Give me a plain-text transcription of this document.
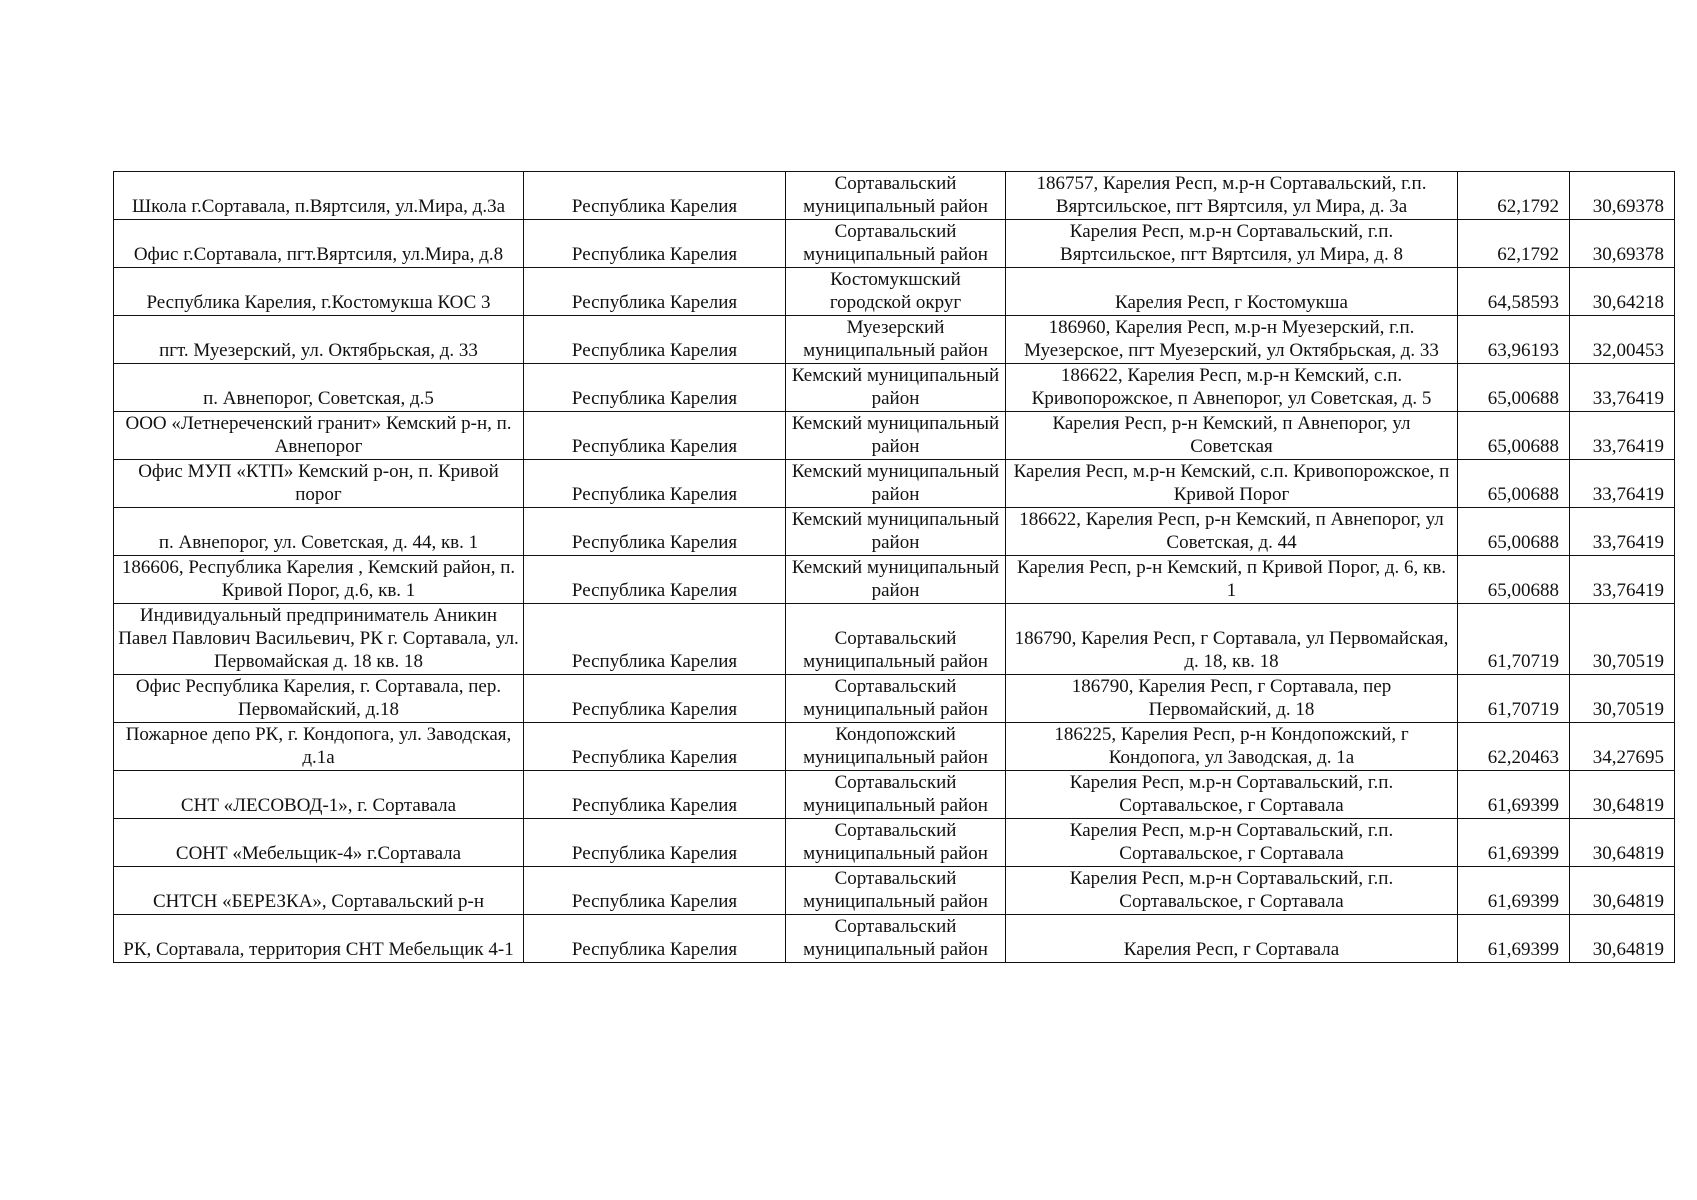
Школа г.Сортавала, п.Вяртсиля, ул.Мира, д.3а	Республика Карелия	Сортавальский муниципальный район	186757, Карелия Респ, м.р-н Сортавальский, г.п. Вяртсильское, пгт Вяртсиля, ул Мира, д. 3а	62,1792	30,69378
Офис г.Сортавала, пгт.Вяртсиля, ул.Мира, д.8	Республика Карелия	Сортавальский муниципальный район	Карелия Респ, м.р-н Сортавальский, г.п. Вяртсильское, пгт Вяртсиля, ул Мира, д. 8	62,1792	30,69378
Республика Карелия, г.Костомукша КОС 3	Республика Карелия	Костомукшский городской округ	Карелия Респ, г Костомукша	64,58593	30,64218
пгт. Муезерский, ул. Октябрьская, д. 33	Республика Карелия	Муезерский муниципальный район	186960, Карелия Респ, м.р-н Муезерский, г.п. Муезерское, пгт Муезерский, ул Октябрьская, д. 33	63,96193	32,00453
п. Авнепорог, Советская, д.5	Республика Карелия	Кемский муниципальный район	186622, Карелия Респ, м.р-н Кемский, с.п. Кривопорожское, п Авнепорог, ул Советская, д. 5	65,00688	33,76419
ООО «Летнереченский гранит» Кемский р-н, п. Авнепорог	Республика Карелия	Кемский муниципальный район	Карелия Респ, р-н Кемский, п Авнепорог, ул Советская	65,00688	33,76419
Офис МУП «КТП» Кемский р-он, п. Кривой порог	Республика Карелия	Кемский муниципальный район	Карелия Респ, м.р-н Кемский, с.п. Кривопорожское, п Кривой Порог	65,00688	33,76419
п. Авнепорог, ул. Советская, д. 44, кв. 1	Республика Карелия	Кемский муниципальный район	186622, Карелия Респ, р-н Кемский, п Авнепорог, ул Советская, д. 44	65,00688	33,76419
186606, Республика Карелия , Кемский район, п. Кривой Порог, д.6, кв. 1	Республика Карелия	Кемский муниципальный район	Карелия Респ, р-н Кемский, п Кривой Порог, д. 6, кв. 1	65,00688	33,76419
Индивидуальный предприниматель Аникин Павел Павлович Васильевич, РК г. Сортавала, ул. Первомайская д. 18 кв. 18	Республика Карелия	Сортавальский муниципальный район	186790, Карелия Респ, г Сортавала, ул Первомайская, д. 18, кв. 18	61,70719	30,70519
Офис Республика Карелия, г. Сортавала, пер. Первомайский, д.18	Республика Карелия	Сортавальский муниципальный район	186790, Карелия Респ, г Сортавала, пер Первомайский, д. 18	61,70719	30,70519
Пожарное депо РК, г. Кондопога, ул. Заводская, д.1а	Республика Карелия	Кондопожский муниципальный район	186225, Карелия Респ, р-н Кондопожский, г Кондопога, ул Заводская, д. 1а	62,20463	34,27695
СНТ «ЛЕСОВОД-1», г. Сортавала	Республика Карелия	Сортавальский муниципальный район	Карелия Респ, м.р-н Сортавальский, г.п. Сортавальское, г Сортавала	61,69399	30,64819
СОНТ «Мебельщик-4» г.Сортавала	Республика Карелия	Сортавальский муниципальный район	Карелия Респ, м.р-н Сортавальский, г.п. Сортавальское, г Сортавала	61,69399	30,64819
СНТСН «БЕРЕЗКА», Сортавальский р-н	Республика Карелия	Сортавальский муниципальный район	Карелия Респ, м.р-н Сортавальский, г.п. Сортавальское, г Сортавала	61,69399	30,64819
РК, Сортавала, территория СНТ Мебельщик 4-1	Республика Карелия	Сортавальский муниципальный район	Карелия Респ, г Сортавала	61,69399	30,64819
